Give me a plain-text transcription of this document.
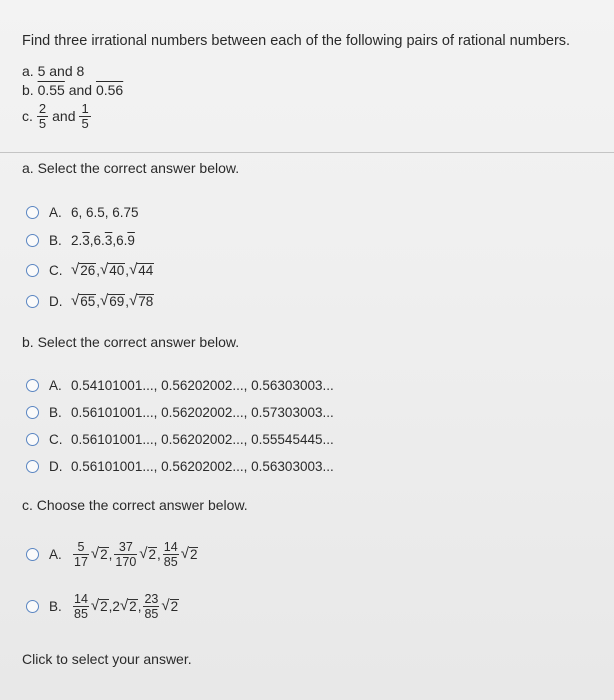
Find three irrational numbers between each of the following pairs of rational numbers.
a.
5 and 8
b.
0.55
and
0.56
c. $\frac{2}{5}$ and $\frac{1}{5}$
a. Select the correct answer below.
A. 6, 6.5, 6.75
B. 2. 3 , 6. 3 , 6. 9
C. √ 26 , √ 40 , √ 44
D. √ 65 , √ 69 , √ 78
b. Select the correct answer below.
A. 0.54101001..., 0.56202002..., 0.56303003...
B. 0.56101001..., 0.56202002..., 0.57303003...
C. 0.56101001..., 0.56202002..., 0.55545445...
D. 0.56101001..., 0.56202002..., 0.56303003...
c. Choose the correct answer below.
A.	5
17 √ 2 , 37
170 √ 2 , 14
85 √ 2
B. 14
85 √ 2 , 2 √ 2 , 23
85 √ 2
Click to select your answer.
